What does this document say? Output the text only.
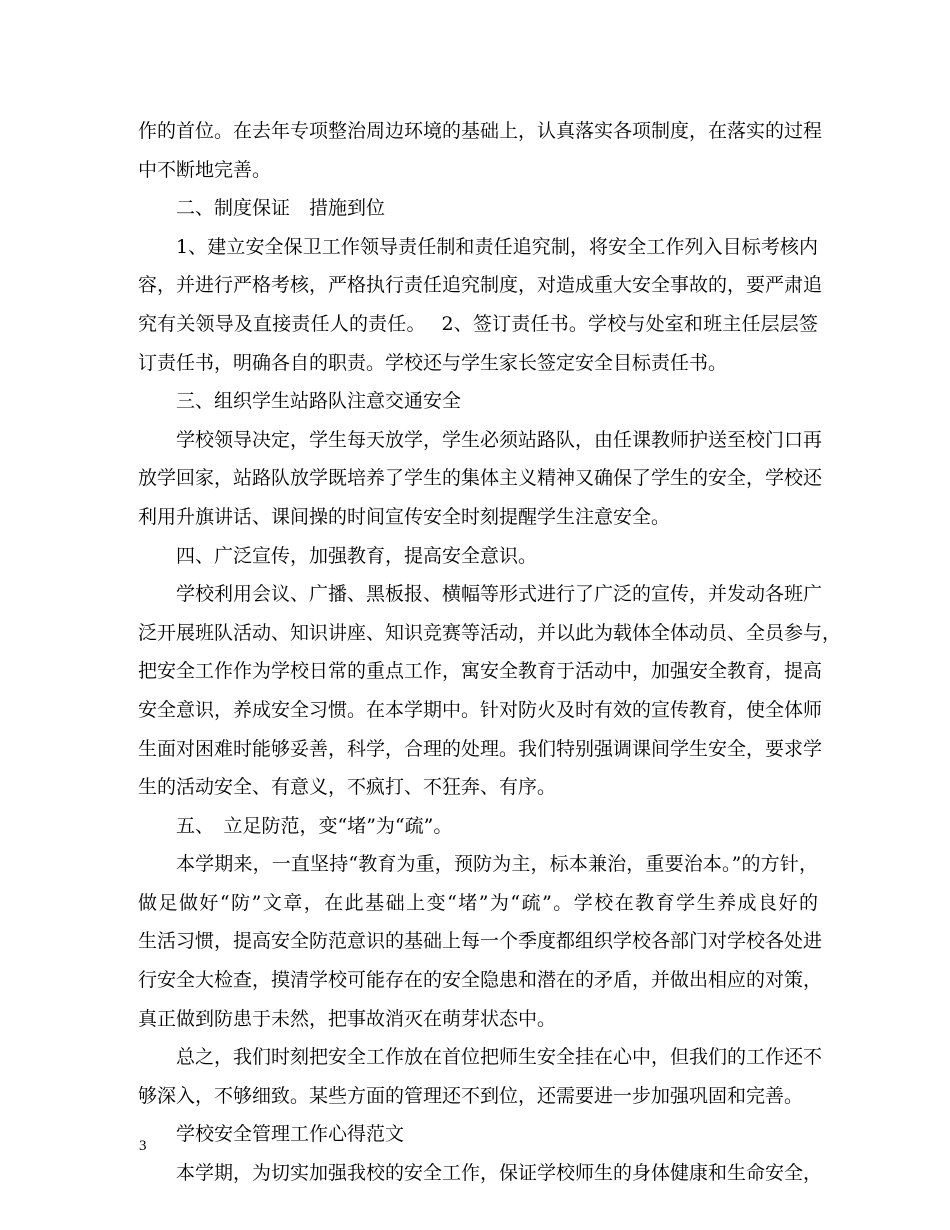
作的首位。在去年专项整治周边环境的基础上，认真落实各项制度，在落实的过程
中不断地完善。
二、制度保证　措施到位
1、建立安全保卫工作领导责任制和责任追究制，将安全工作列入目标考核内
容，并进行严格考核，严格执行责任追究制度，对造成重大安全事故的，要严肃追
究有关领导及直接责任人的责任。　 2、签订责任书。学校与处室和班主任层层签
订责任书，明确各自的职责。学校还与学生家长签定安全目标责任书。
三、组织学生站路队注意交通安全
学校领导决定，学生每天放学，学生必须站路队，由任课教师护送至校门口再
放学回家，站路队放学既培养了学生的集体主义精神又确保了学生的安全，学校还
利用升旗讲话、课间操的时间宣传安全时刻提醒学生注意安全。
四、广泛宣传，加强教育，提高安全意识。
学校利用会议、广播、黑板报、横幅等形式进行了广泛的宣传，并发动各班广
泛开展班队活动、知识讲座、知识竞赛等活动，并以此为载体全体动员、全员参与，
把安全工作作为学校日常的重点工作，寓安全教育于活动中，加强安全教育，提高
安全意识，养成安全习惯。在本学期中。针对防火及时有效的宣传教育，使全体师
生面对困难时能够妥善，科学，合理的处理。我们特别强调课间学生安全，要求学
生的活动安全、有意义，不疯打、不狂奔、有序。
五、　立足防范，变“堵”为“疏”。
本学期来，一直坚持“教育为重，预防为主，标本兼治，重要治本。”的方针，
做足做好“防”文章，在此基础上变“堵”为“疏”。学校在教育学生养成良好的
生活习惯，提高安全防范意识的基础上每一个季度都组织学校各部门对学校各处进
行安全大检查，摸清学校可能存在的安全隐患和潜在的矛盾，并做出相应的对策，
真正做到防患于未然，把事故消灭在萌芽状态中。
总之，我们时刻把安全工作放在首位把师生安全挂在心中，但我们的工作还不
够深入，不够细致。某些方面的管理还不到位，还需要进一步加强巩固和完善。
学校安全管理工作心得范文
本学期，为切实加强我校的安全工作，保证学校师生的身体健康和生命安全，
3
